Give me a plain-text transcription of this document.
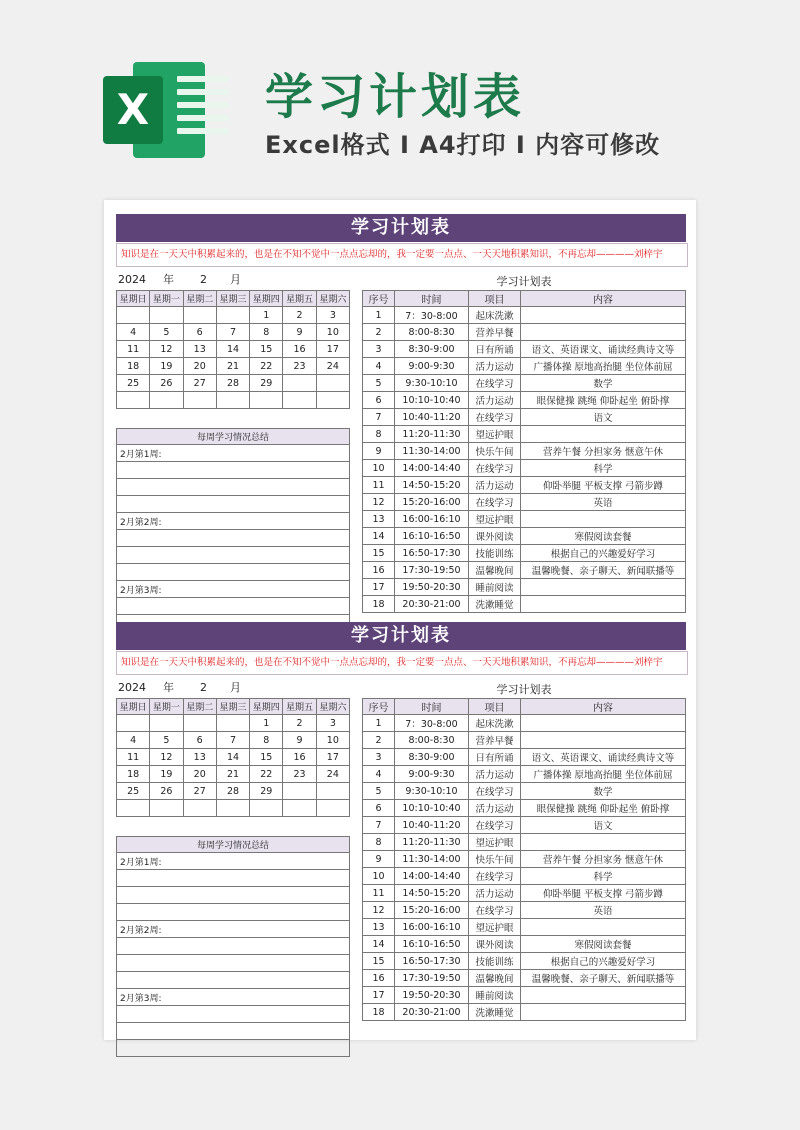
X 学习计划表
Excel格式 I A4打印 I 内容可修改
学习计划表
知识是在一天天中积累起来的，也是在不知不觉中一点点忘却的，我一定要一点点、一天天地积累知识，不再忘却————刘梓宇
2024 年 2 月
星期日	星期一	星期二	星期三	星期四	星期五	星期六
				1	2	3
4	5	6	7	8	9	10
11	12	13	14	15	16	17
18	19	20	21	22	23	24
25	26	27	28	29		

每周学习情况总结
2月第1周:

2月第2周:

2月第3周:

学习计划表
序号	时间	项目	内容
1	7：30-8:00	起床洗漱	
2	8:00-8:30	营养早餐	
3	8:30-9:00	日有所诵	语文、英语课文、诵读经典诗文等
4	9:00-9:30	活力运动	广播体操 原地高抬腿 坐位体前屈
5	9:30-10:10	在线学习	数学
6	10:10-10:40	活力运动	眼保健操 跳绳 仰卧起坐 俯卧撑
7	10:40-11:20	在线学习	语文
8	11:20-11:30	望远护眼	
9	11:30-14:00	快乐午间	营养午餐 分担家务 惬意午休
10	14:00-14:40	在线学习	科学
11	14:50-15:20	活力运动	仰卧举腿 平板支撑 弓箭步蹲
12	15:20-16:00	在线学习	英语
13	16:00-16:10	望远护眼	
14	16:10-16:50	课外阅读	寒假阅读套餐
15	16:50-17:30	技能训练	根据自己的兴趣爱好学习
16	17:30-19:50	温馨晚间	温馨晚餐、亲子聊天、新闻联播等
17	19:50-20:30	睡前阅读	
18	20:30-21:00	洗漱睡觉	
学习计划表
知识是在一天天中积累起来的，也是在不知不觉中一点点忘却的，我一定要一点点、一天天地积累知识，不再忘却————刘梓宇
2024 年 2 月
星期日	星期一	星期二	星期三	星期四	星期五	星期六
				1	2	3
4	5	6	7	8	9	10
11	12	13	14	15	16	17
18	19	20	21	22	23	24
25	26	27	28	29		

每周学习情况总结
2月第1周:

2月第2周:

2月第3周:

学习计划表
序号	时间	项目	内容
1	7：30-8:00	起床洗漱	
2	8:00-8:30	营养早餐	
3	8:30-9:00	日有所诵	语文、英语课文、诵读经典诗文等
4	9:00-9:30	活力运动	广播体操 原地高抬腿 坐位体前屈
5	9:30-10:10	在线学习	数学
6	10:10-10:40	活力运动	眼保健操 跳绳 仰卧起坐 俯卧撑
7	10:40-11:20	在线学习	语文
8	11:20-11:30	望远护眼	
9	11:30-14:00	快乐午间	营养午餐 分担家务 惬意午休
10	14:00-14:40	在线学习	科学
11	14:50-15:20	活力运动	仰卧举腿 平板支撑 弓箭步蹲
12	15:20-16:00	在线学习	英语
13	16:00-16:10	望远护眼	
14	16:10-16:50	课外阅读	寒假阅读套餐
15	16:50-17:30	技能训练	根据自己的兴趣爱好学习
16	17:30-19:50	温馨晚间	温馨晚餐、亲子聊天、新闻联播等
17	19:50-20:30	睡前阅读	
18	20:30-21:00	洗漱睡觉	
